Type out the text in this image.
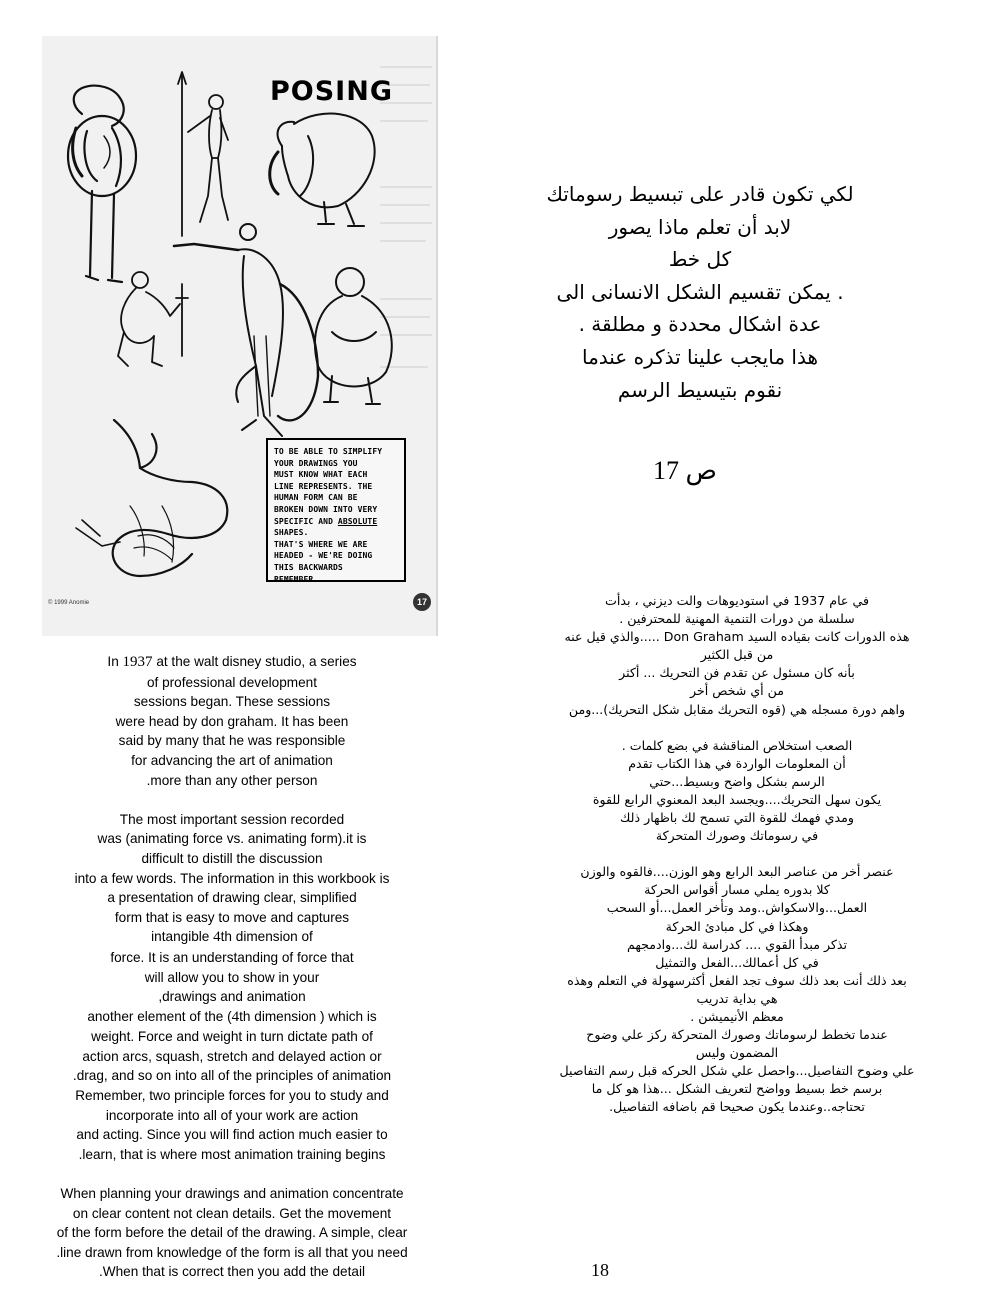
POSING

TO BE ABLE TO SIMPLIFY
YOUR DRAWINGS YOU
MUST KNOW WHAT EACH
LINE REPRESENTS. THE
HUMAN FORM CAN BE
BROKEN DOWN INTO VERY
SPECIFIC AND ABSOLUTE
SHAPES.
THAT'S WHERE WE ARE
HEADED - WE'RE DOING
THIS BACKWARDS
REMEMBER.

© 1999 Anomie	17
لكي تكون قادر على تبسيط رسوماتك
لابد أن تعلم ماذا يصور
كل خط
. يمكن تقسيم الشكل الانسانى الى
عدة اشكال محددة و مطلقة .
هذا مايجب علينا تذكره عندما
نقوم بتيسيط الرسم
ص 17

In 1937 at the walt disney studio, a series
of professional development
sessions began. These sessions
were head by don graham. It has been
said by many that he was responsible
for advancing the art of animation
.more than any other person

The most important session recorded
was (animating force vs. animating form).it is
difficult to distill the discussion
into a few words. The information in this workbook is
a presentation of drawing clear, simplified
form that is easy to move and captures
intangible 4th dimension of
force. It is an understanding of force that
will allow you to show in your
,drawings and animation
another element of the (4th dimension ) which is
weight. Force and weight in turn dictate path of
action arcs, squash, stretch and delayed action or
.drag, and so on into all of the principles of animation
Remember, two principle forces for you to study and
incorporate into all of your work are action
and acting. Since you will find action much easier to
.learn, that is where most animation training begins

When planning your drawings and animation concentrate
on clear content not clean details. Get the movement
of the form before the detail of the drawing. A simple, clear
.line drawn from knowledge of the form is all that you need
.When that is correct then you add the detail

في عام 1937 في استوديوهات والت ديزني ، بدأت
سلسلة من دورات التنمية المهنية للمحترفين .
هذه الدورات كانت بقياده السيد Don Graham .....والذي قيل عنه
من قبل الكثير
بأنه كان مسئول عن تقدم فن التحريك ... أكثر
من أي شخص أخر
واهم دورة مسجله هي (قوه التحريك مقابل شكل التحريك)...ومن

الصعب استخلاص المناقشة في بضع كلمات .
أن المعلومات الواردة في هذا الكتاب تقدم
الرسم بشكل واضح وبسيط...حتي
يكون سهل التحريك....ويجسد البعد المعنوي الرابع للقوة
ومدي فهمك للقوة التي تسمح لك باظهار ذلك
في رسوماتك وصورك المتحركة

عنصر أخر من عناصر البعد الرابع وهو الوزن....فالقوه والوزن
كلا بدوره يملي مسار أقواس الحركة
العمل...والاسكواش..ومد وتأخر العمل...أو السحب
وهكذا في كل مبادئ الحركة
تذكر مبدأ القوي .... كدراسة لك...وادمجهم
في كل أعمالك...الفعل والتمثيل
بعد ذلك أنت بعد ذلك سوف تجد الفعل أكثرسهولة في التعلم وهذه
هي بداية تدريب
معظم الأنيميشن .
عندما تخطط لرسوماتك وصورك المتحركة ركز علي وضوح
المضمون وليس
علي وضوح التفاصيل...واحصل علي شكل الحركه قبل رسم التفاصيل
برسم خط بسيط وواضح لتعريف الشكل ...هذا هو كل ما
تحتاجه..وعندما يكون صحيحا قم باضافه التفاصيل.

18
